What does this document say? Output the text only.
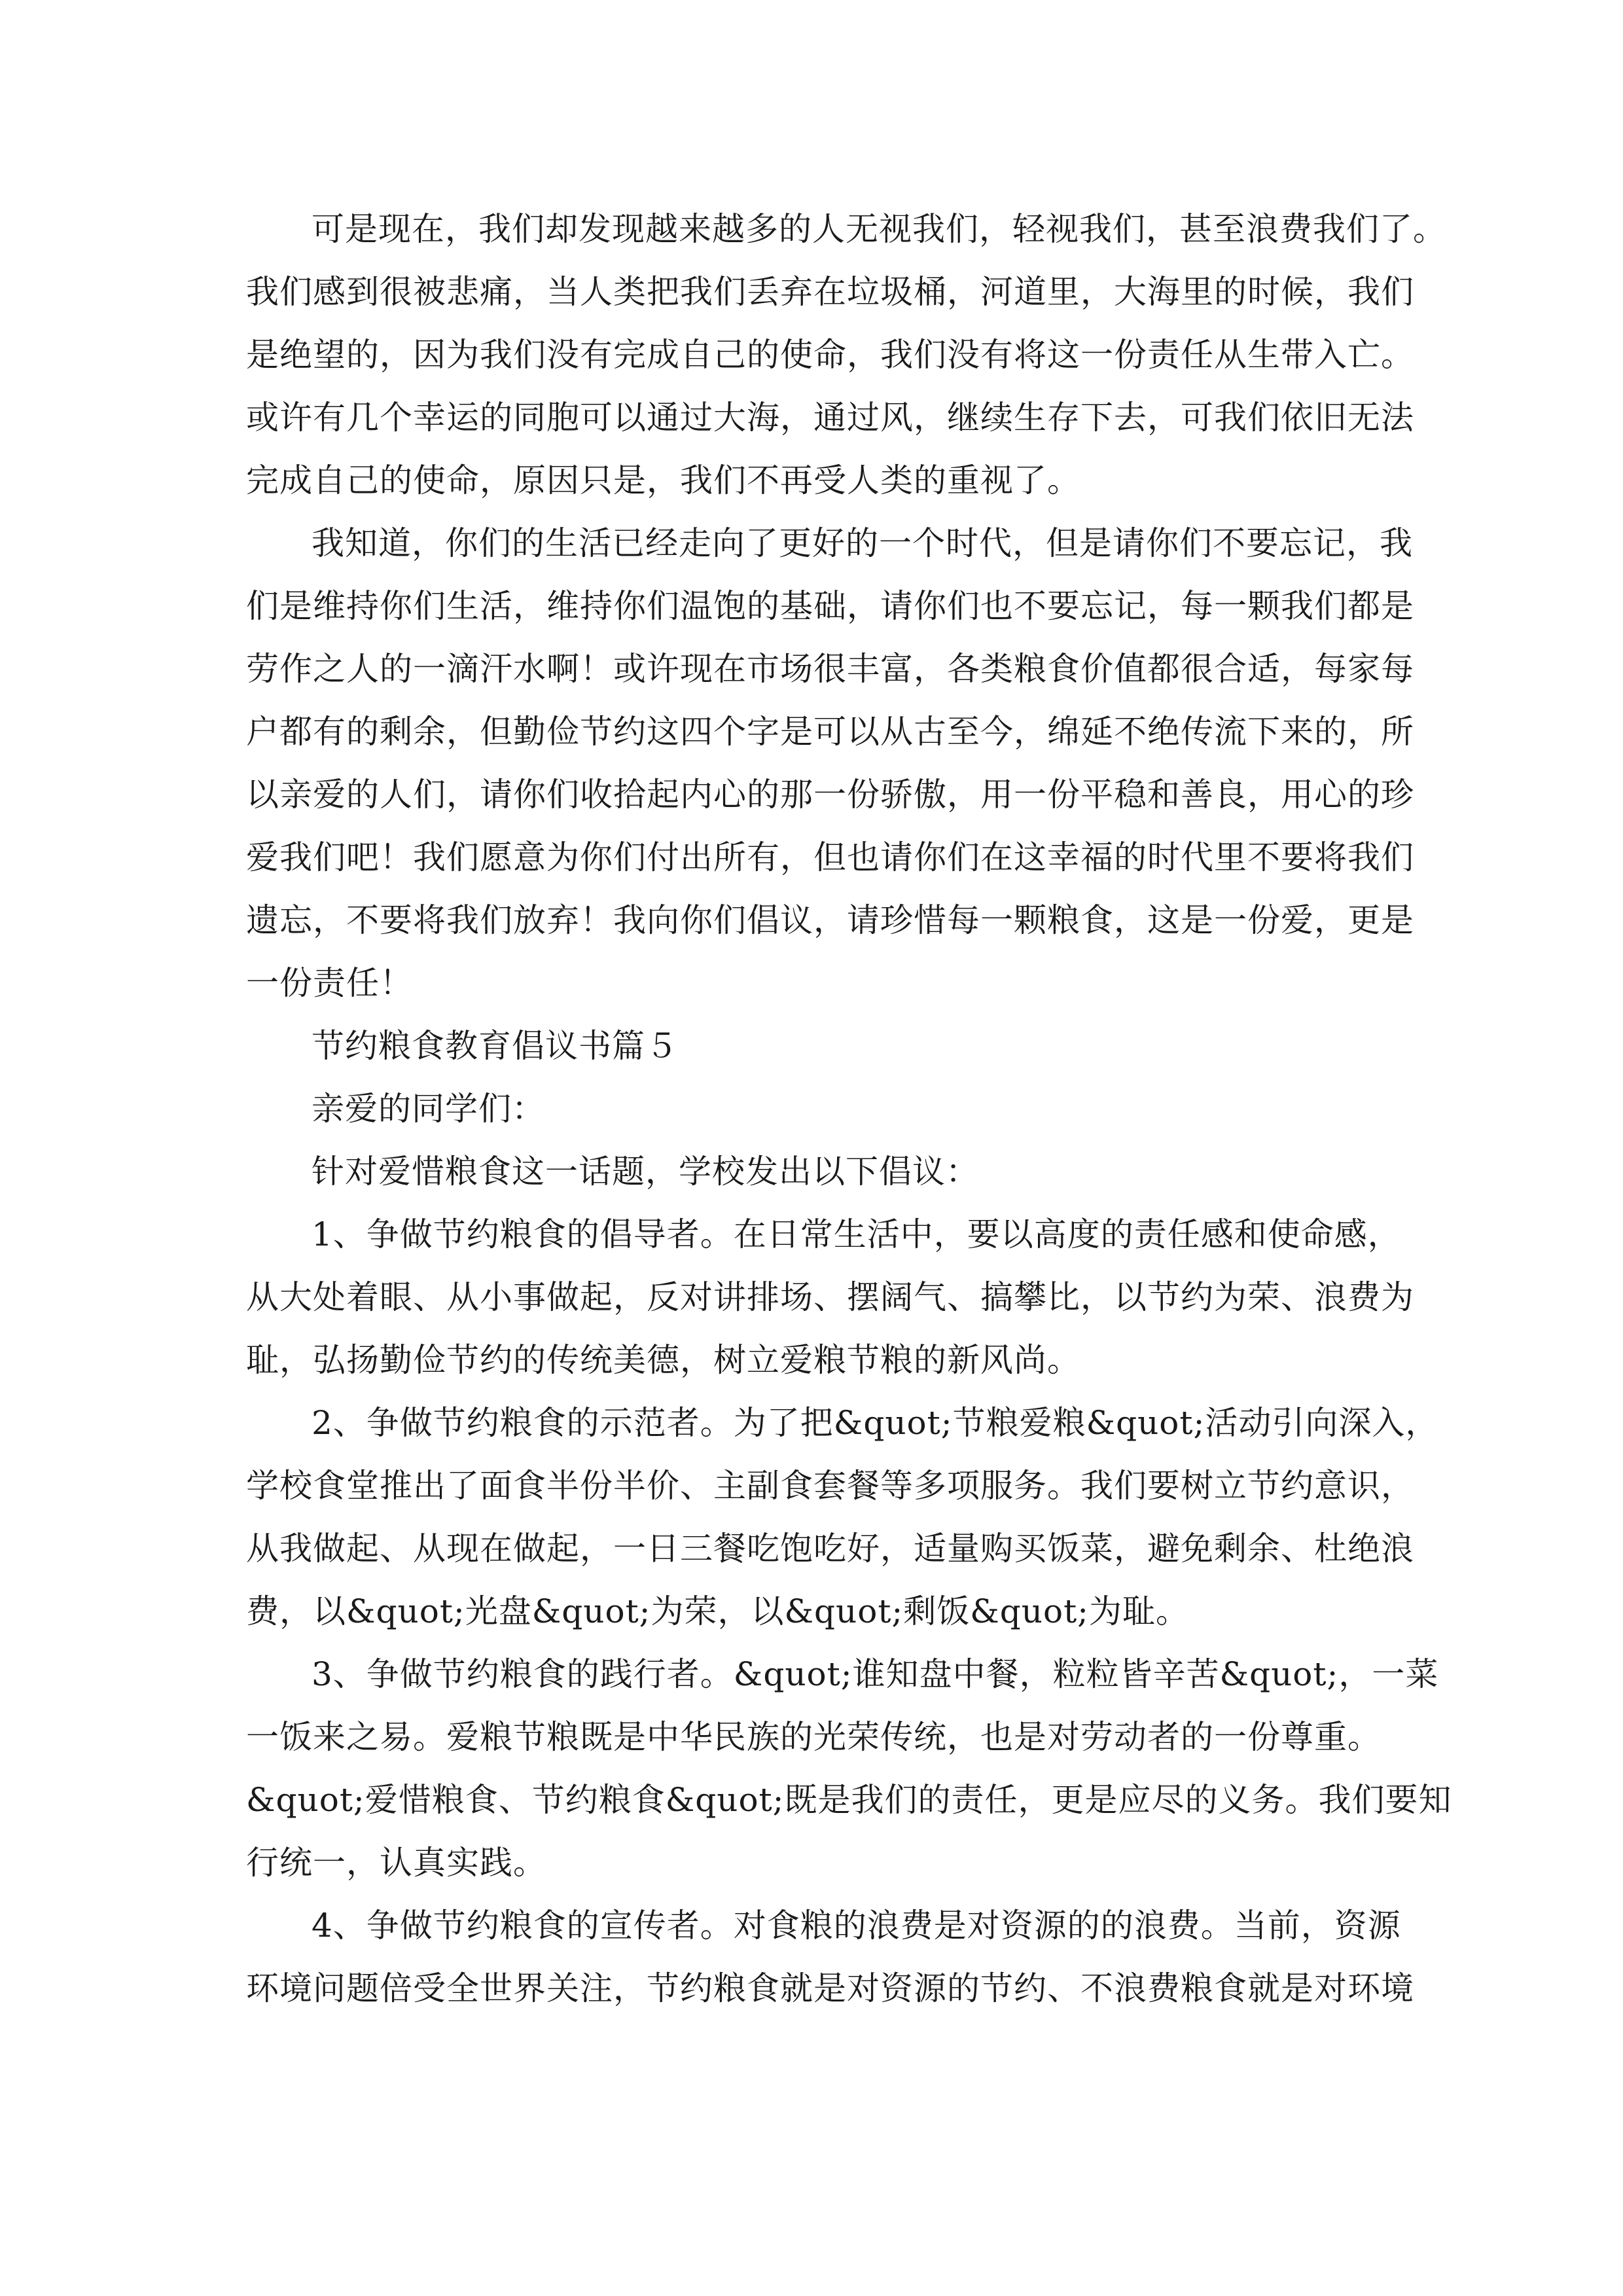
可是现在，我们却发现越来越多的人无视我们，轻视我们，甚至浪费我们了。
我们感到很被悲痛，当人类把我们丢弃在垃圾桶，河道里，大海里的时候，我们
是绝望的，因为我们没有完成自己的使命，我们没有将这一份责任从生带入亡。
或许有几个幸运的同胞可以通过大海，通过风，继续生存下去，可我们依旧无法
完成自己的使命，原因只是，我们不再受人类的重视了。
我知道，你们的生活已经走向了更好的一个时代，但是请你们不要忘记，我
们是维持你们生活，维持你们温饱的基础，请你们也不要忘记，每一颗我们都是
劳作之人的一滴汗水啊！或许现在市场很丰富，各类粮食价值都很合适，每家每
户都有的剩余，但勤俭节约这四个字是可以从古至今，绵延不绝传流下来的，所
以亲爱的人们，请你们收拾起内心的那一份骄傲，用一份平稳和善良，用心的珍
爱我们吧！我们愿意为你们付出所有，但也请你们在这幸福的时代里不要将我们
遗忘，不要将我们放弃！我向你们倡议，请珍惜每一颗粮食，这是一份爱，更是
一份责任！
节约粮食教育倡议书篇５
亲爱的同学们：
针对爱惜粮食这一话题，学校发出以下倡议：
1、争做节约粮食的倡导者。在日常生活中，要以高度的责任感和使命感，
从大处着眼、从小事做起，反对讲排场、摆阔气、搞攀比，以节约为荣、浪费为
耻，弘扬勤俭节约的传统美德，树立爱粮节粮的新风尚。
2、争做节约粮食的示范者。为了把&quot;节粮爱粮&quot;活动引向深入，
学校食堂推出了面食半份半价、主副食套餐等多项服务。我们要树立节约意识，
从我做起、从现在做起，一日三餐吃饱吃好，适量购买饭菜，避免剩余、杜绝浪
费，以&quot;光盘&quot;为荣，以&quot;剩饭&quot;为耻。
3、争做节约粮食的践行者。&quot;谁知盘中餐，粒粒皆辛苦&quot;，一菜
一饭来之易。爱粮节粮既是中华民族的光荣传统，也是对劳动者的一份尊重。
&quot;爱惜粮食、节约粮食&quot;既是我们的责任，更是应尽的义务。我们要知
行统一，认真实践。
4、争做节约粮食的宣传者。对食粮的浪费是对资源的的浪费。当前，资源
环境问题倍受全世界关注，节约粮食就是对资源的节约、不浪费粮食就是对环境
